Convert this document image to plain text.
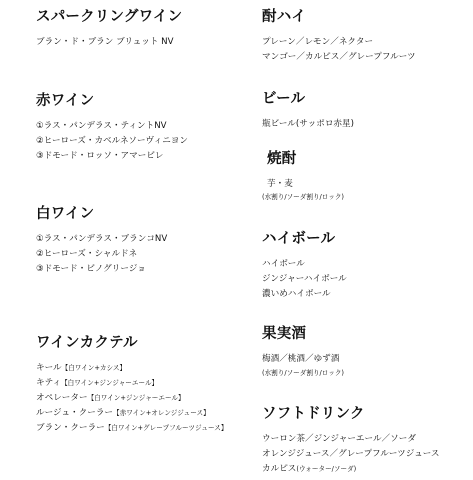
スパークリングワイン
ブラン・ド・ブラン ブリュット NV
赤ワイン
①ラス・パンデラス・ティントNV
②ヒーローズ・カベルネソーヴィニヨン
③ドモード・ロッソ・アマービレ
白ワイン
①ラス・パンデラス・ブランコNV
②ヒーローズ・シャルドネ
③ドモード・ビノグリージョ
ワインカクテル
キール【白ワイン+カシス】
キティ【白ワイン+ジンジャーエール】
オペレーター【白ワイン+ジンジャーエール】
ルージュ・クーラー【赤ワイン+オレンジジュース】
ブラン・クーラー【白ワイン+グレープフルーツジュース】
酎ハイ
プレーン／レモン／ネクター
マンゴー／カルピス／グレープフルーツ
ビール
瓶ビール(サッポロ赤星)
焼酎
芋・麦
(水割り/ソーダ割り/ロック)
ハイボール
ハイボール
ジンジャーハイボール
濃いめハイボール
果実酒
梅酒／桃酒／ゆず酒
(水割り/ソーダ割り/ロック)
ソフトドリンク
ウーロン茶／ジンジャーエール／ソーダ
オレンジジュース／グレープフルーツジュース
カルピス(ウォーター/ソーダ)
